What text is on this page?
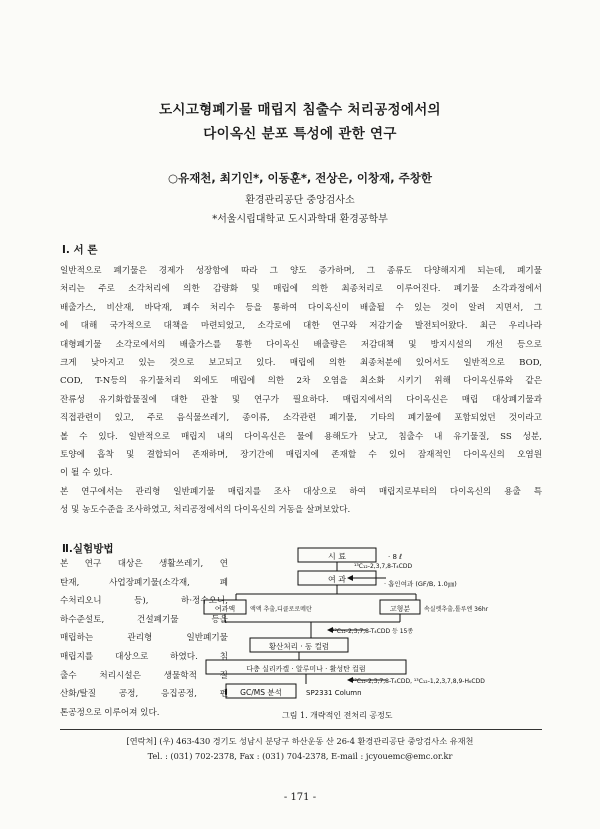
도시고형폐기물 매립지 침출수 처리공정에서의
다이옥신 분포 특성에 관한 연구
○유재천, 최기인*, 이동훈*, 전상은, 이창재, 주창한
환경관리공단 중앙검사소
*서울시립대학교 도시과학대 환경공학부
Ⅰ. 서 론
일반적으로 폐기물은 경제가 성장함에 따라 그 양도 증가하며, 그 종류도 다양해지게 되는데, 폐기물
처리는 주로 소각처리에 의한 감량화 및 매립에 의한 최종처리로 이루어진다. 폐기물 소각과정에서
배출가스, 비산재, 바닥재, 폐수 처리수 등을 통하여 다이옥신이 배출될 수 있는 것이 알려 지면서, 그
에 대해 국가적으로 대책을 마련되었고, 소각로에 대한 연구와 저감기술 발전되어왔다. 최근 우리나라
대형폐기물 소각로에서의 배출가스를 통한 다이옥신 배출량은 저감대책 및 방지시설의 개선 등으로
크게 낮아지고 있는 것으로 보고되고 있다. 매립에 의한 최종처분에 있어서도 일반적으로 BOD,
COD, T-N등의 유기물처리 외에도 매립에 의한 2차 오염을 최소화 시키기 위해 다이옥신류와 같은
잔류성 유기화합물질에 대한 관찰 및 연구가 필요하다. 매립지에서의 다이옥신은 매립 대상폐기물과
직접관련이 있고, 주로 음식물쓰레기, 종이류, 소각관련 폐기물, 기타의 폐기물에 포함되었던 것이라고
볼 수 있다. 일반적으로 매립지 내의 다이옥신은 물에 용해도가 낮고, 침출수 내 유기물질, SS 성분,
토양에 흡착 및 결합되어 존재하며, 장기간에 매립지에 존재할 수 있어 잠재적인 다이옥신의 오염원
이 될 수 있다.
본 연구에서는 관리형 일반폐기물 매립지를 조사 대상으로 하여 매립지로부터의 다이옥신의 용출 특
성 및 농도수준을 조사하였고, 처리공정에서의 다이옥신의 거동을 살펴보았다.
Ⅱ.실험방법
본 연구 대상은 생활쓰레기, 연
탄재, 사업장폐기물(소각재, 폐
수처리오니 등), 하·정수오니,
하수준설토, 건설폐기물 등을
매립하는 관리형 일반폐기물
매립지를 대상으로 하였다. 침
출수 처리시설은 생물학적 질
산화/탈질 공정, 응집공정, 펜
톤공정으로 이루어져 있다.
시 료	· 8 ℓ
¹³C₁₂-2,3,7,8-T₄CDD
여 과	· 흡인여과 (GF/B, 1.0㎛)
여과액 액액 추출,디클로로메탄	고형분 속실렛추출,톨루엔 36hr
¹³C₁₂-2,3,7,8-T₄CDD 등 15종
황산처리 · 동 컬럼
다층 실리카겔 · 알루미나 · 활성탄 컬럼
¹³C₁₂-2,3,7,8-T₄CDD, ¹³C₁₂-1,2,3,7,8,9-H₆CDD
GC/MS 분석	SP2331 Column
그림 1. 개략적인 전처리 공정도
[연락처] (우) 463-430 경기도 성남시 분당구 하산운동 산 26-4 환경관리공단 중앙검사소 유재천
Tel. : (031) 702-2378, Fax : (031) 704-2378, E-mail : jcyouemc@emc.or.kr
- 171 -
